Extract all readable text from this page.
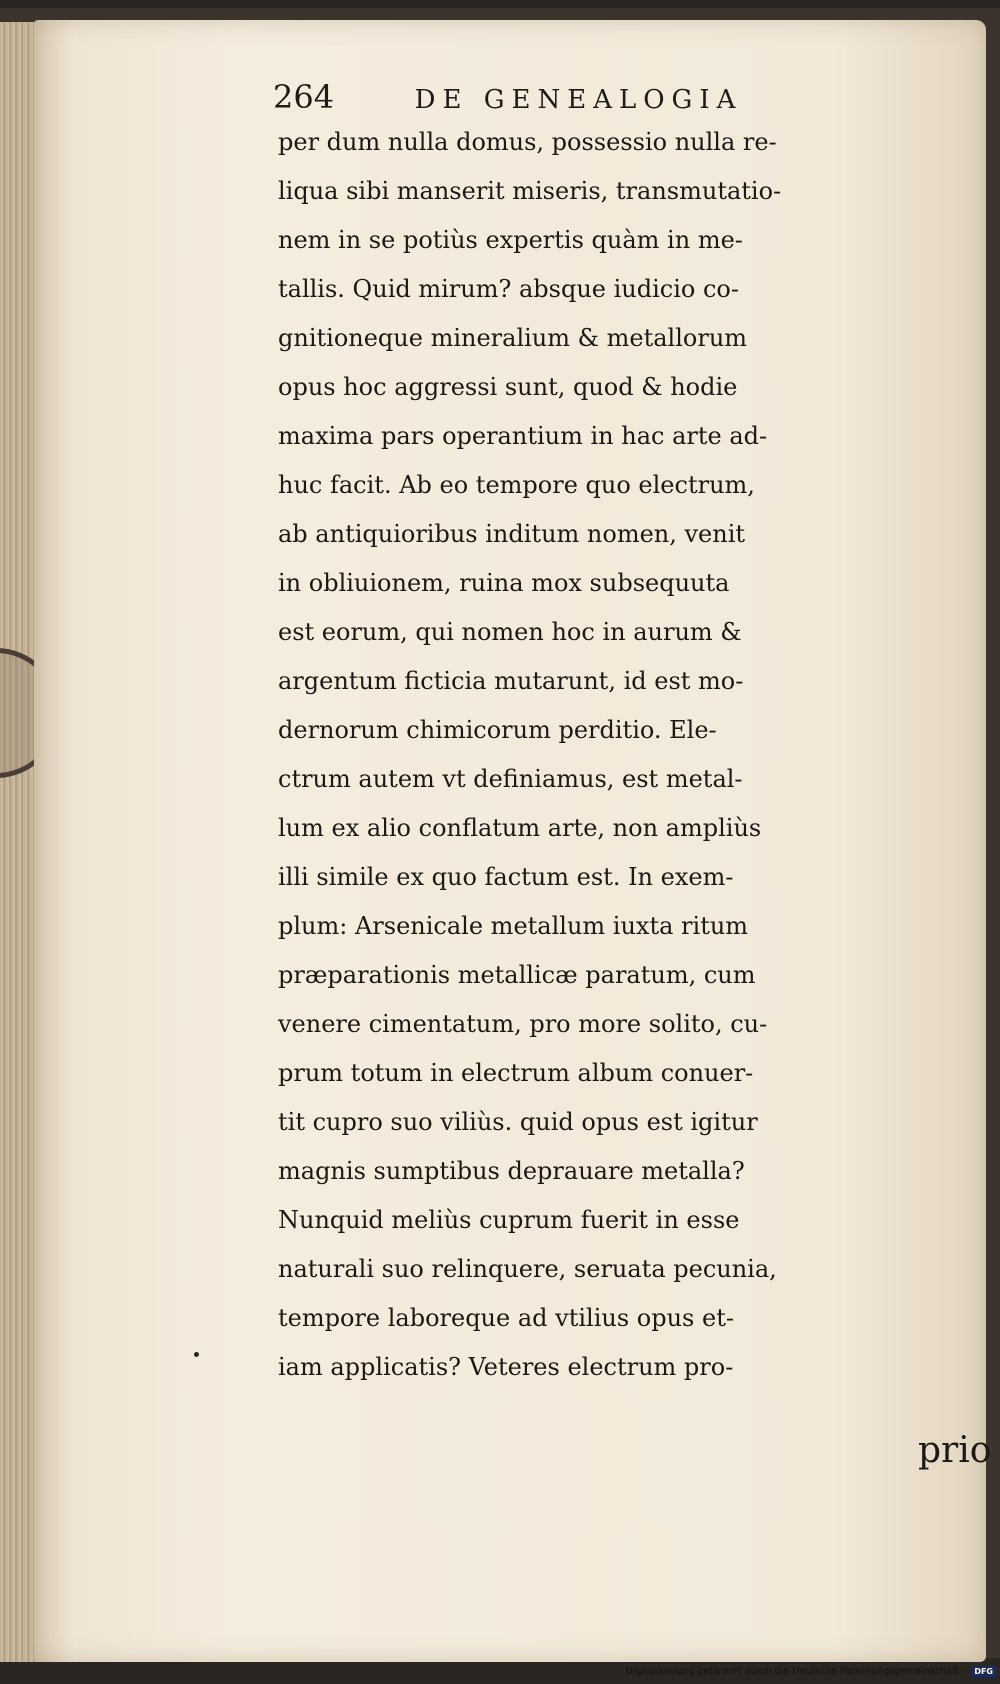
264	DE GENEALOGIA
per dum nulla domus, possessio nulla re-
liqua sibi manserit miseris, transmutatio-
nem in se potiùs expertis quàm in me-
tallis. Quid mirum? absque iudicio co-
gnitioneque mineralium & metallorum
opus hoc aggressi sunt, quod & hodie
maxima pars operantium in hac arte ad-
huc facit. Ab eo tempore quo electrum,
ab antiquioribus inditum nomen, venit
in obliuionem, ruina mox subsequuta
est eorum, qui nomen hoc in aurum &
argentum ficticia mutarunt, id est mo-
dernorum chimicorum perditio. Ele-
ctrum autem vt definiamus, est metal-
lum ex alio conflatum arte, non ampliùs
illi simile ex quo factum est. In exem-
plum: Arsenicale metallum iuxta ritum
præparationis metallicæ paratum, cum
venere cimentatum, pro more solito, cu-
prum totum in electrum album conuer-
tit cupro suo viliùs. quid opus est igitur
magnis sumptibus deprauare metalla?
Nunquid meliùs cuprum fuerit in esse
naturali suo relinquere, seruata pecunia,
tempore laboreque ad vtilius opus et-
iam applicatis? Veteres electrum pro-
prio
Digitalisierung gefördert durch die Deutsche Forschungsgemeinschaft - DFG
